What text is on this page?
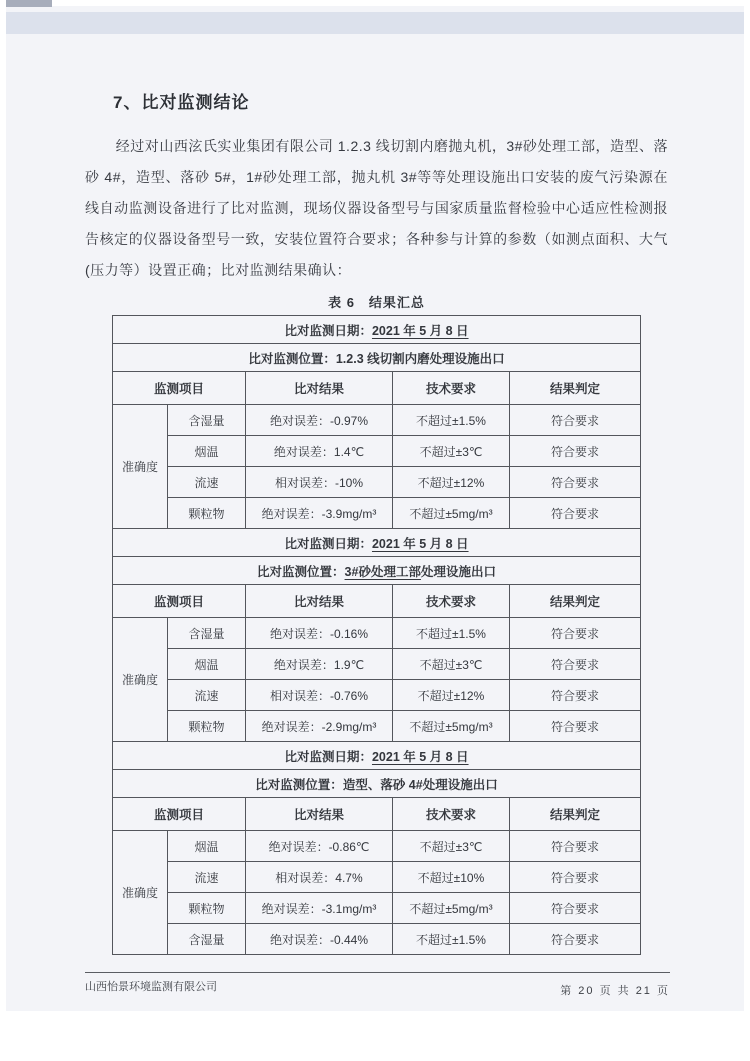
7、比对监测结论

经过对山西泫氏实业集团有限公司 1.2.3 线切割内磨抛丸机，3#砂处理工部，造型、落砂 4#，造型、落砂 5#，1#砂处理工部，抛丸机 3#等等处理设施出口安装的废气污染源在线自动监测设备进行了比对监测，现场仪器设备型号与国家质量监督检验中心适应性检测报告核定的仪器设备型号一致，安装位置符合要求；各种参与计算的参数（如测点面积、大气(压力等）设置正确；比对监测结果确认：

表 6　结果汇总
比对监测日期：2021 年 5 月 8 日				
比对监测位置：1.2.3 线切割内磨处理设施出口				
监测项目		比对结果	技术要求	结果判定
准确度	含湿量	绝对误差：-0.97%	不超过±1.5%	符合要求
	烟温	绝对误差：1.4℃	不超过±3℃	符合要求
	流速	相对误差：-10%	不超过±12%	符合要求
	颗粒物	绝对误差：-3.9mg/m³	不超过±5mg/m³	符合要求
比对监测日期：2021 年 5 月 8 日				
比对监测位置：3#砂处理工部处理设施出口				
监测项目		比对结果	技术要求	结果判定
准确度	含湿量	绝对误差：-0.16%	不超过±1.5%	符合要求
	烟温	绝对误差：1.9℃	不超过±3℃	符合要求
	流速	相对误差：-0.76%	不超过±12%	符合要求
	颗粒物	绝对误差：-2.9mg/m³	不超过±5mg/m³	符合要求
比对监测日期：2021 年 5 月 8 日				
比对监测位置：造型、落砂 4#处理设施出口				
监测项目		比对结果	技术要求	结果判定
准确度	烟温	绝对误差：-0.86℃	不超过±3℃	符合要求
	流速	相对误差：4.7%	不超过±10%	符合要求
	颗粒物	绝对误差：-3.1mg/m³	不超过±5mg/m³	符合要求
	含湿量	绝对误差：-0.44%	不超过±1.5%	符合要求
山西怡景环境监测有限公司	第 20 页 共 21 页
